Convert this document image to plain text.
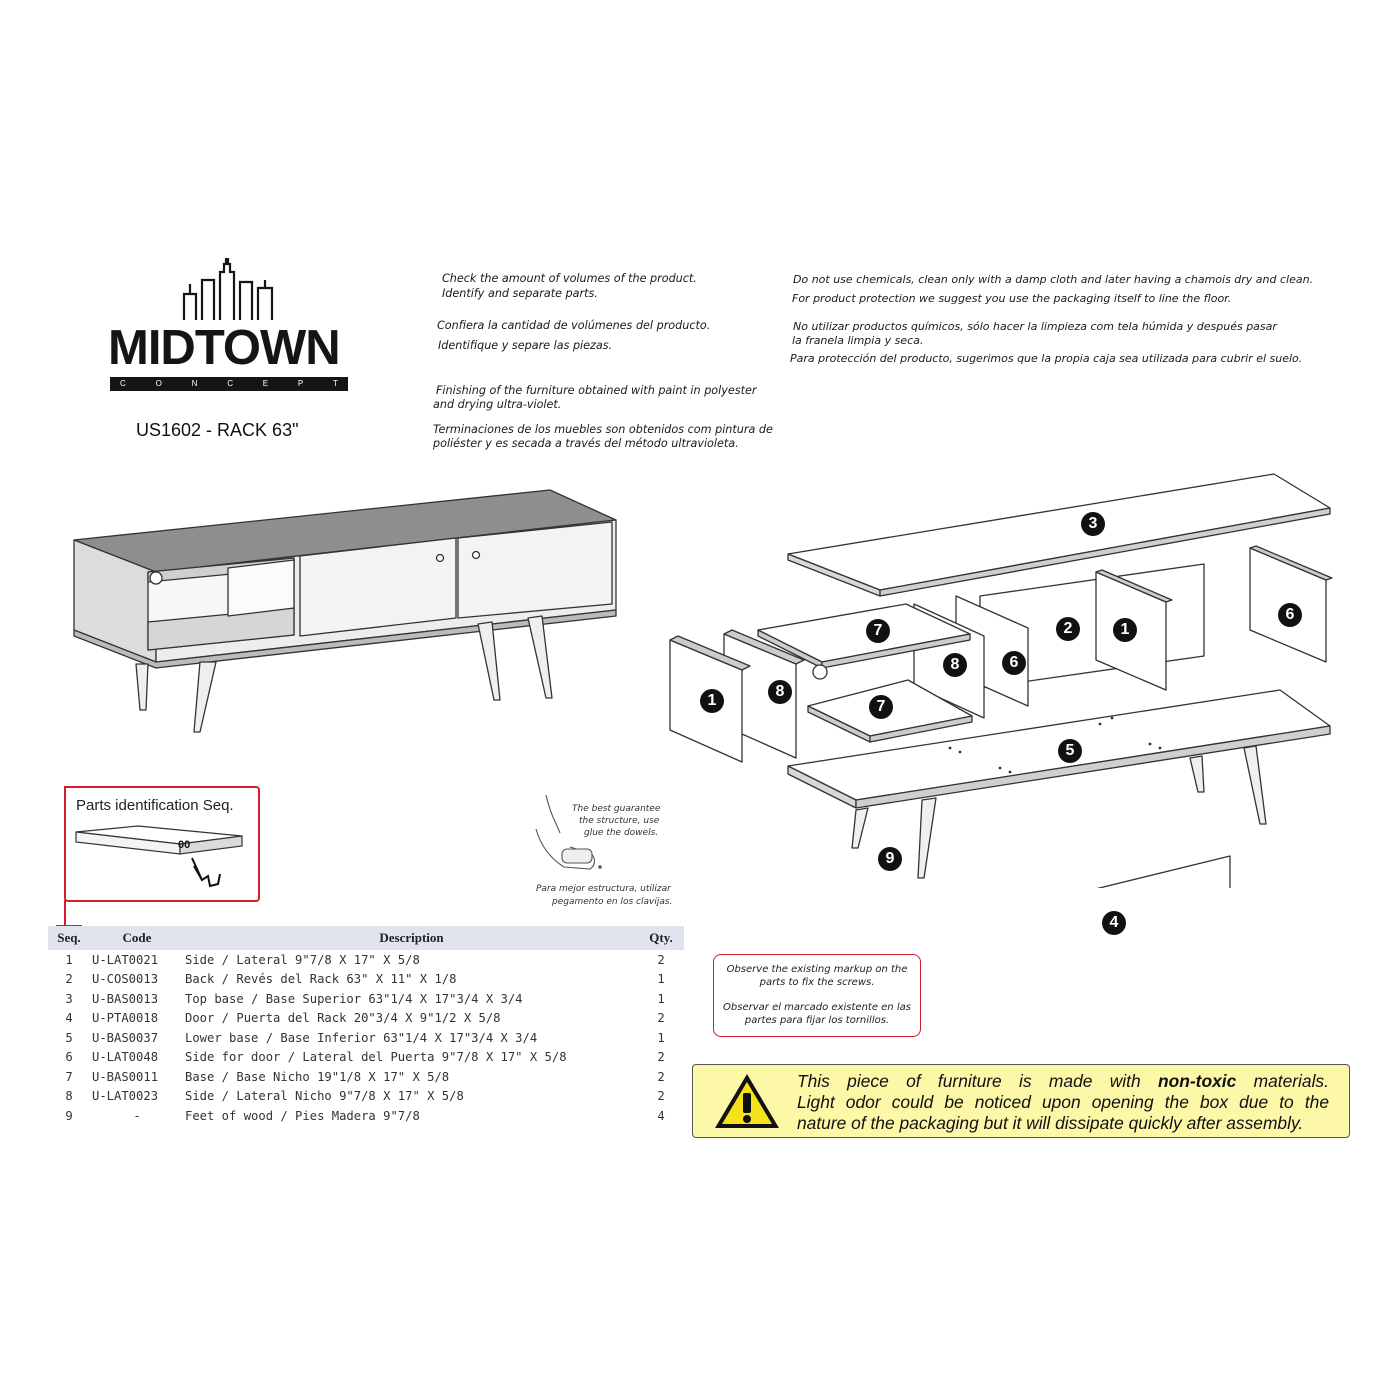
MIDTOWN
C	O	N	C	E	P	T
US1602 - RACK 63"
Check the amount of volumes of the product.
Identify and separate parts.
Confiera la cantidad de volúmenes del producto.
Identifique y separe las piezas.
Finishing of the furniture obtained with paint in polyester
and drying ultra-violet.
Terminaciones de los muebles son obtenidos com pintura de
poliéster y es secada a través del método ultravioleta.
Do not use chemicals, clean only with a damp cloth and later having a chamois dry and clean.
For product protection we suggest you use the packaging itself to line the floor.
No utilizar productos químicos, sólo hacer la limpieza com tela húmida y después pasar
la franela limpia y seca.
Para protección del producto, sugerimos que la propia caja sea utilizada para cubrir el suelo.
3
7
8	6
2	1
6
1
8
7
5
9
4
Parts identification Seq.
00
The best guarantee
the structure, use
glue the dowels.
Para mejor estructura, utilizar
pegamento en los clavijas.
Seq.	Code	Description	Qty.
1	U-LAT0021	Side / Lateral 9"7/8 X 17" X 5/8	2
2	U-COS0013	Back / Revés del Rack 63" X 11" X 1/8	1
3	U-BAS0013	Top base / Base Superior 63"1/4 X 17"3/4 X 3/4	1
4	U-PTA0018	Door / Puerta del Rack 20"3/4 X 9"1/2 X 5/8	2
5	U-BAS0037	Lower base / Base Inferior 63"1/4 X 17"3/4 X 3/4	1
6	U-LAT0048	Side for door / Lateral del Puerta 9"7/8 X 17" X 5/8	2
7	U-BAS0011	Base / Base Nicho 19"1/8 X 17" X 5/8	2
8	U-LAT0023	Side / Lateral Nicho 9"7/8 X 17" X 5/8	2
9	-	Feet of wood / Pies Madera 9"7/8	4

Observe the existing markup on the
parts to fix the screws.

Observar el marcado existente en las
partes para fijar los tornillos.

This piece of furniture is made with non-toxic materials.
Light odor could be noticed upon opening the box due to the
nature of the packaging but it will dissipate quickly after assembly.
